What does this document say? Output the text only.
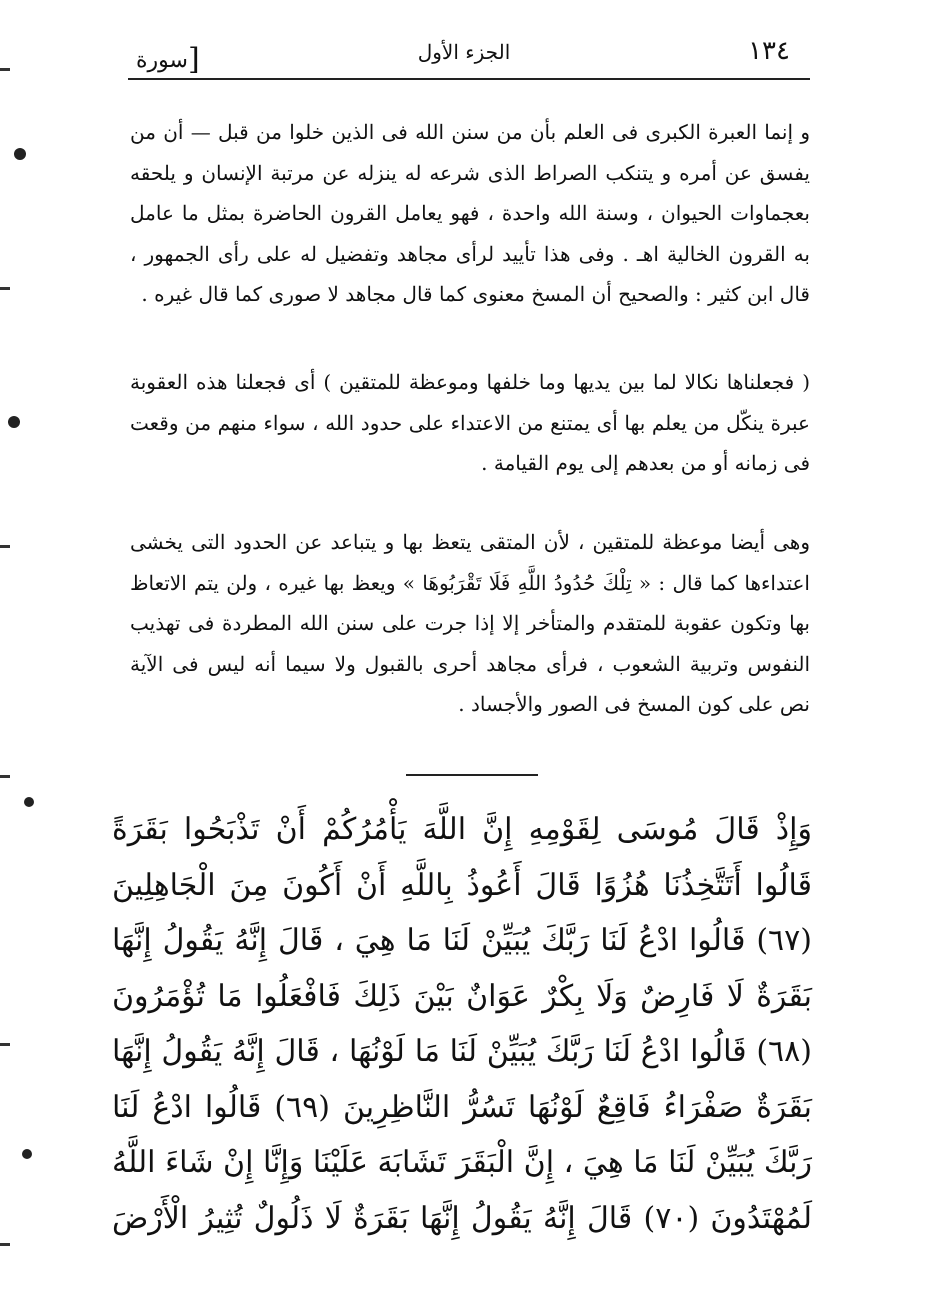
١٣٤
الجزء الأول
[سورة

و إنما العبرة الكبرى فى العلم بأن من سنن الله فى الذين خلوا من قبل — أن من يفسق عن أمره و يتنكب الصراط الذى شرعه له ينزله عن مرتبة الإنسان و يلحقه بعجماوات الحيوان ، وسنة الله واحدة ، فهو يعامل القرون الحاضرة بمثل ما عامل به القرون الخالية اهـ . وفى هذا تأييد لرأى مجاهد وتفضيل له على رأى الجمهور ، قال ابن كثير : والصحيح أن المسخ معنوى كما قال مجاهد لا صورى كما قال غيره .

( فجعلناها نكالا لما بين يديها وما خلفها وموعظة للمتقين ) أى فجعلنا هذه العقوبة عبرة ينكّل من يعلم بها أى يمتنع من الاعتداء على حدود الله ، سواء منهم من وقعت فى زمانه أو من بعدهم إلى يوم القيامة .

وهى أيضا موعظة للمتقين ، لأن المتقى يتعظ بها و يتباعد عن الحدود التى يخشى اعتداءها كما قال : « تِلْكَ حُدُودُ اللَّهِ فَلَا تَقْرَبُوهَا » ويعظ بها غيره ، ولن يتم الاتعاظ بها وتكون عقوبة للمتقدم والمتأخر إلا إذا جرت على سنن الله المطردة فى تهذيب النفوس وتربية الشعوب ، فرأى مجاهد أحرى بالقبول ولا سيما أنه ليس فى الآية نص على كون المسخ فى الصور والأجساد .

وَإِذْ قَالَ مُوسَى لِقَوْمِهِ إِنَّ اللَّهَ يَأْمُرُكُمْ أَنْ تَذْبَحُوا بَقَرَةً قَالُوا أَتَتَّخِذُنَا هُزُوًا قَالَ أَعُوذُ بِاللَّهِ أَنْ أَكُونَ مِنَ الْجَاهِلِينَ (٦٧) قَالُوا ادْعُ لَنَا رَبَّكَ يُبَيِّنْ لَنَا مَا هِيَ ، قَالَ إِنَّهُ يَقُولُ إِنَّهَا بَقَرَةٌ لَا فَارِضٌ وَلَا بِكْرٌ عَوَانٌ بَيْنَ ذَلِكَ فَافْعَلُوا مَا تُؤْمَرُونَ (٦٨) قَالُوا ادْعُ لَنَا رَبَّكَ يُبَيِّنْ لَنَا مَا لَوْنُهَا ، قَالَ إِنَّهُ يَقُولُ إِنَّهَا بَقَرَةٌ صَفْرَاءُ فَاقِعٌ لَوْنُهَا تَسُرُّ النَّاظِرِينَ (٦٩) قَالُوا ادْعُ لَنَا رَبَّكَ يُبَيِّنْ لَنَا مَا هِيَ ، إِنَّ الْبَقَرَ تَشَابَهَ عَلَيْنَا وَإِنَّا إِنْ شَاءَ اللَّهُ لَمُهْتَدُونَ (٧٠) قَالَ إِنَّهُ يَقُولُ إِنَّهَا بَقَرَةٌ لَا ذَلُولٌ تُثِيرُ الْأَرْضَ
